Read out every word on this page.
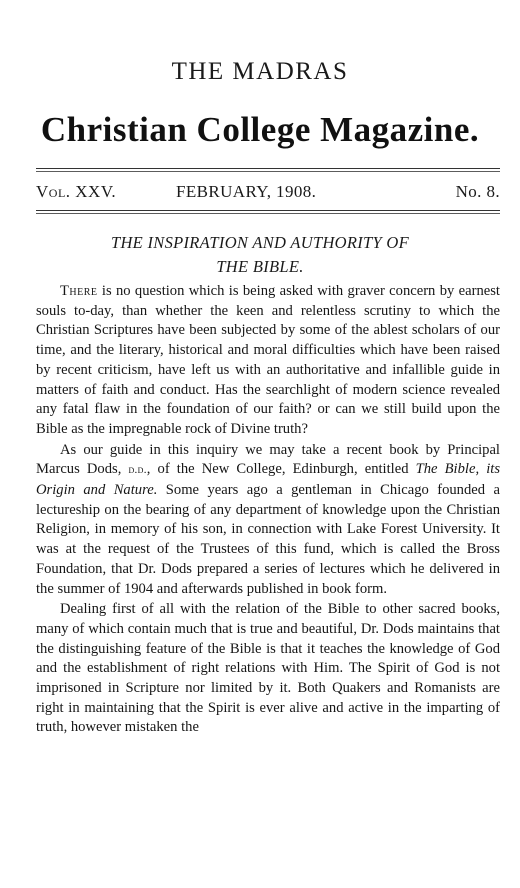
THE MADRAS
Christian College Magazine.
Vol. XXV.	FEBRUARY, 1908.	No. 8.
THE INSPIRATION AND AUTHORITY OF
THE BIBLE.

There is no question which is being asked with graver concern by earnest souls to-day, than whether the keen and relentless scrutiny to which the Christian Scriptures have been subjected by some of the ablest scholars of our time, and the literary, historical and moral difficulties which have been raised by recent criticism, have left us with an authoritative and infallible guide in matters of faith and conduct. Has the searchlight of modern science revealed any fatal flaw in the foundation of our faith? or can we still build upon the Bible as the impregnable rock of Divine truth?

As our guide in this inquiry we may take a recent book by Principal Marcus Dods, d.d., of the New College, Edinburgh, entitled The Bible, its Origin and Nature. Some years ago a gentleman in Chicago founded a lectureship on the bearing of any department of knowledge upon the Christian Religion, in memory of his son, in connection with Lake Forest University. It was at the request of the Trustees of this fund, which is called the Bross Foundation, that Dr. Dods prepared a series of lectures which he delivered in the summer of 1904 and afterwards published in book form.

Dealing first of all with the relation of the Bible to other sacred books, many of which contain much that is true and beautiful, Dr. Dods maintains that the distinguishing feature of the Bible is that it teaches the knowledge of God and the establishment of right relations with Him. The Spirit of God is not imprisoned in Scripture nor limited by it. Both Quakers and Romanists are right in maintaining that the Spirit is ever alive and active in the imparting of truth, however mistaken the
